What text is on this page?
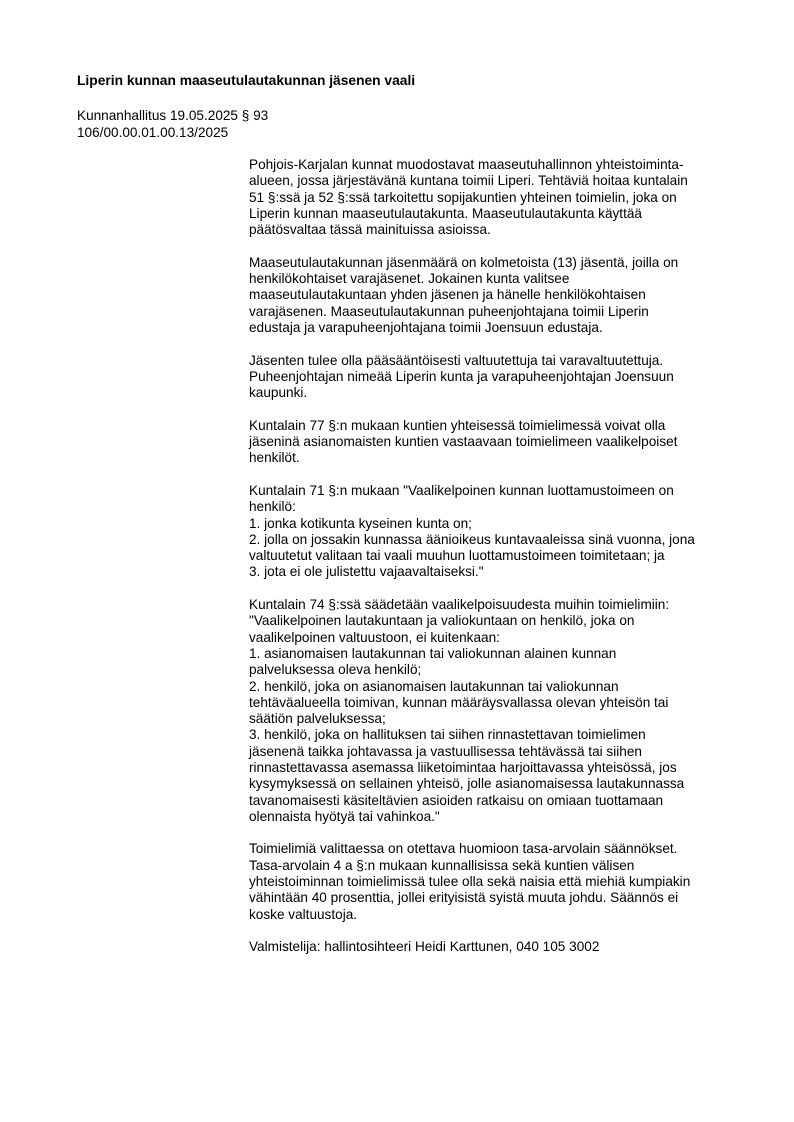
Liperin kunnan maaseutulautakunnan jäsenen vaali
Kunnanhallitus 19.05.2025 § 93
106/00.00.01.00.13/2025
Pohjois-Karjalan kunnat muodostavat maaseutuhallinnon yhteistoiminta-
alueen, jossa järjestävänä kuntana toimii Liperi. Tehtäviä hoitaa kuntalain
51 §:ssä ja 52 §:ssä tarkoitettu sopijakuntien yhteinen toimielin, joka on
Liperin kunnan maaseutulautakunta. Maaseutulautakunta käyttää
päätösvaltaa tässä mainituissa asioissa.
Maaseutulautakunnan jäsenmäärä on kolmetoista (13) jäsentä, joilla on
henkilökohtaiset varajäsenet. Jokainen kunta valitsee
maaseutulautakuntaan yhden jäsenen ja hänelle henkilökohtaisen
varajäsenen. Maaseutulautakunnan puheenjohtajana toimii Liperin
edustaja ja varapuheenjohtajana toimii Joensuun edustaja.
Jäsenten tulee olla pääsääntöisesti valtuutettuja tai varavaltuutettuja.
Puheenjohtajan nimeää Liperin kunta ja varapuheenjohtajan Joensuun
kaupunki.
Kuntalain 77 §:n mukaan kuntien yhteisessä toimielimessä voivat olla
jäseninä asianomaisten kuntien vastaavaan toimielimeen vaalikelpoiset
henkilöt.
Kuntalain 71 §:n mukaan "Vaalikelpoinen kunnan luottamustoimeen on
henkilö:
1. jonka kotikunta kyseinen kunta on;
2. jolla on jossakin kunnassa äänioikeus kuntavaaleissa sinä vuonna, jona
valtuutetut valitaan tai vaali muuhun luottamustoimeen toimitetaan; ja
3. jota ei ole julistettu vajaavaltaiseksi."
Kuntalain 74 §:ssä säädetään vaalikelpoisuudesta muihin toimielimiin:
"Vaalikelpoinen lautakuntaan ja valiokuntaan on henkilö, joka on
vaalikelpoinen valtuustoon, ei kuitenkaan:
1. asianomaisen lautakunnan tai valiokunnan alainen kunnan
palveluksessa oleva henkilö;
2. henkilö, joka on asianomaisen lautakunnan tai valiokunnan
tehtäväalueella toimivan, kunnan määräysvallassa olevan yhteisön tai
säätiön palveluksessa;
3. henkilö, joka on hallituksen tai siihen rinnastettavan toimielimen
jäsenenä taikka johtavassa ja vastuullisessa tehtävässä tai siihen
rinnastettavassa asemassa liiketoimintaa harjoittavassa yhteisössä, jos
kysymyksessä on sellainen yhteisö, jolle asianomaisessa lautakunnassa
tavanomaisesti käsiteltävien asioiden ratkaisu on omiaan tuottamaan
olennaista hyötyä tai vahinkoa."
Toimielimiä valittaessa on otettava huomioon tasa-arvolain säännökset.
Tasa-arvolain 4 a §:n mukaan kunnallisissa sekä kuntien välisen
yhteistoiminnan toimielimissä tulee olla sekä naisia että miehiä kumpiakin
vähintään 40 prosenttia, jollei erityisistä syistä muuta johdu. Säännös ei
koske valtuustoja.
Valmistelija: hallintosihteeri Heidi Karttunen, 040 105 3002
